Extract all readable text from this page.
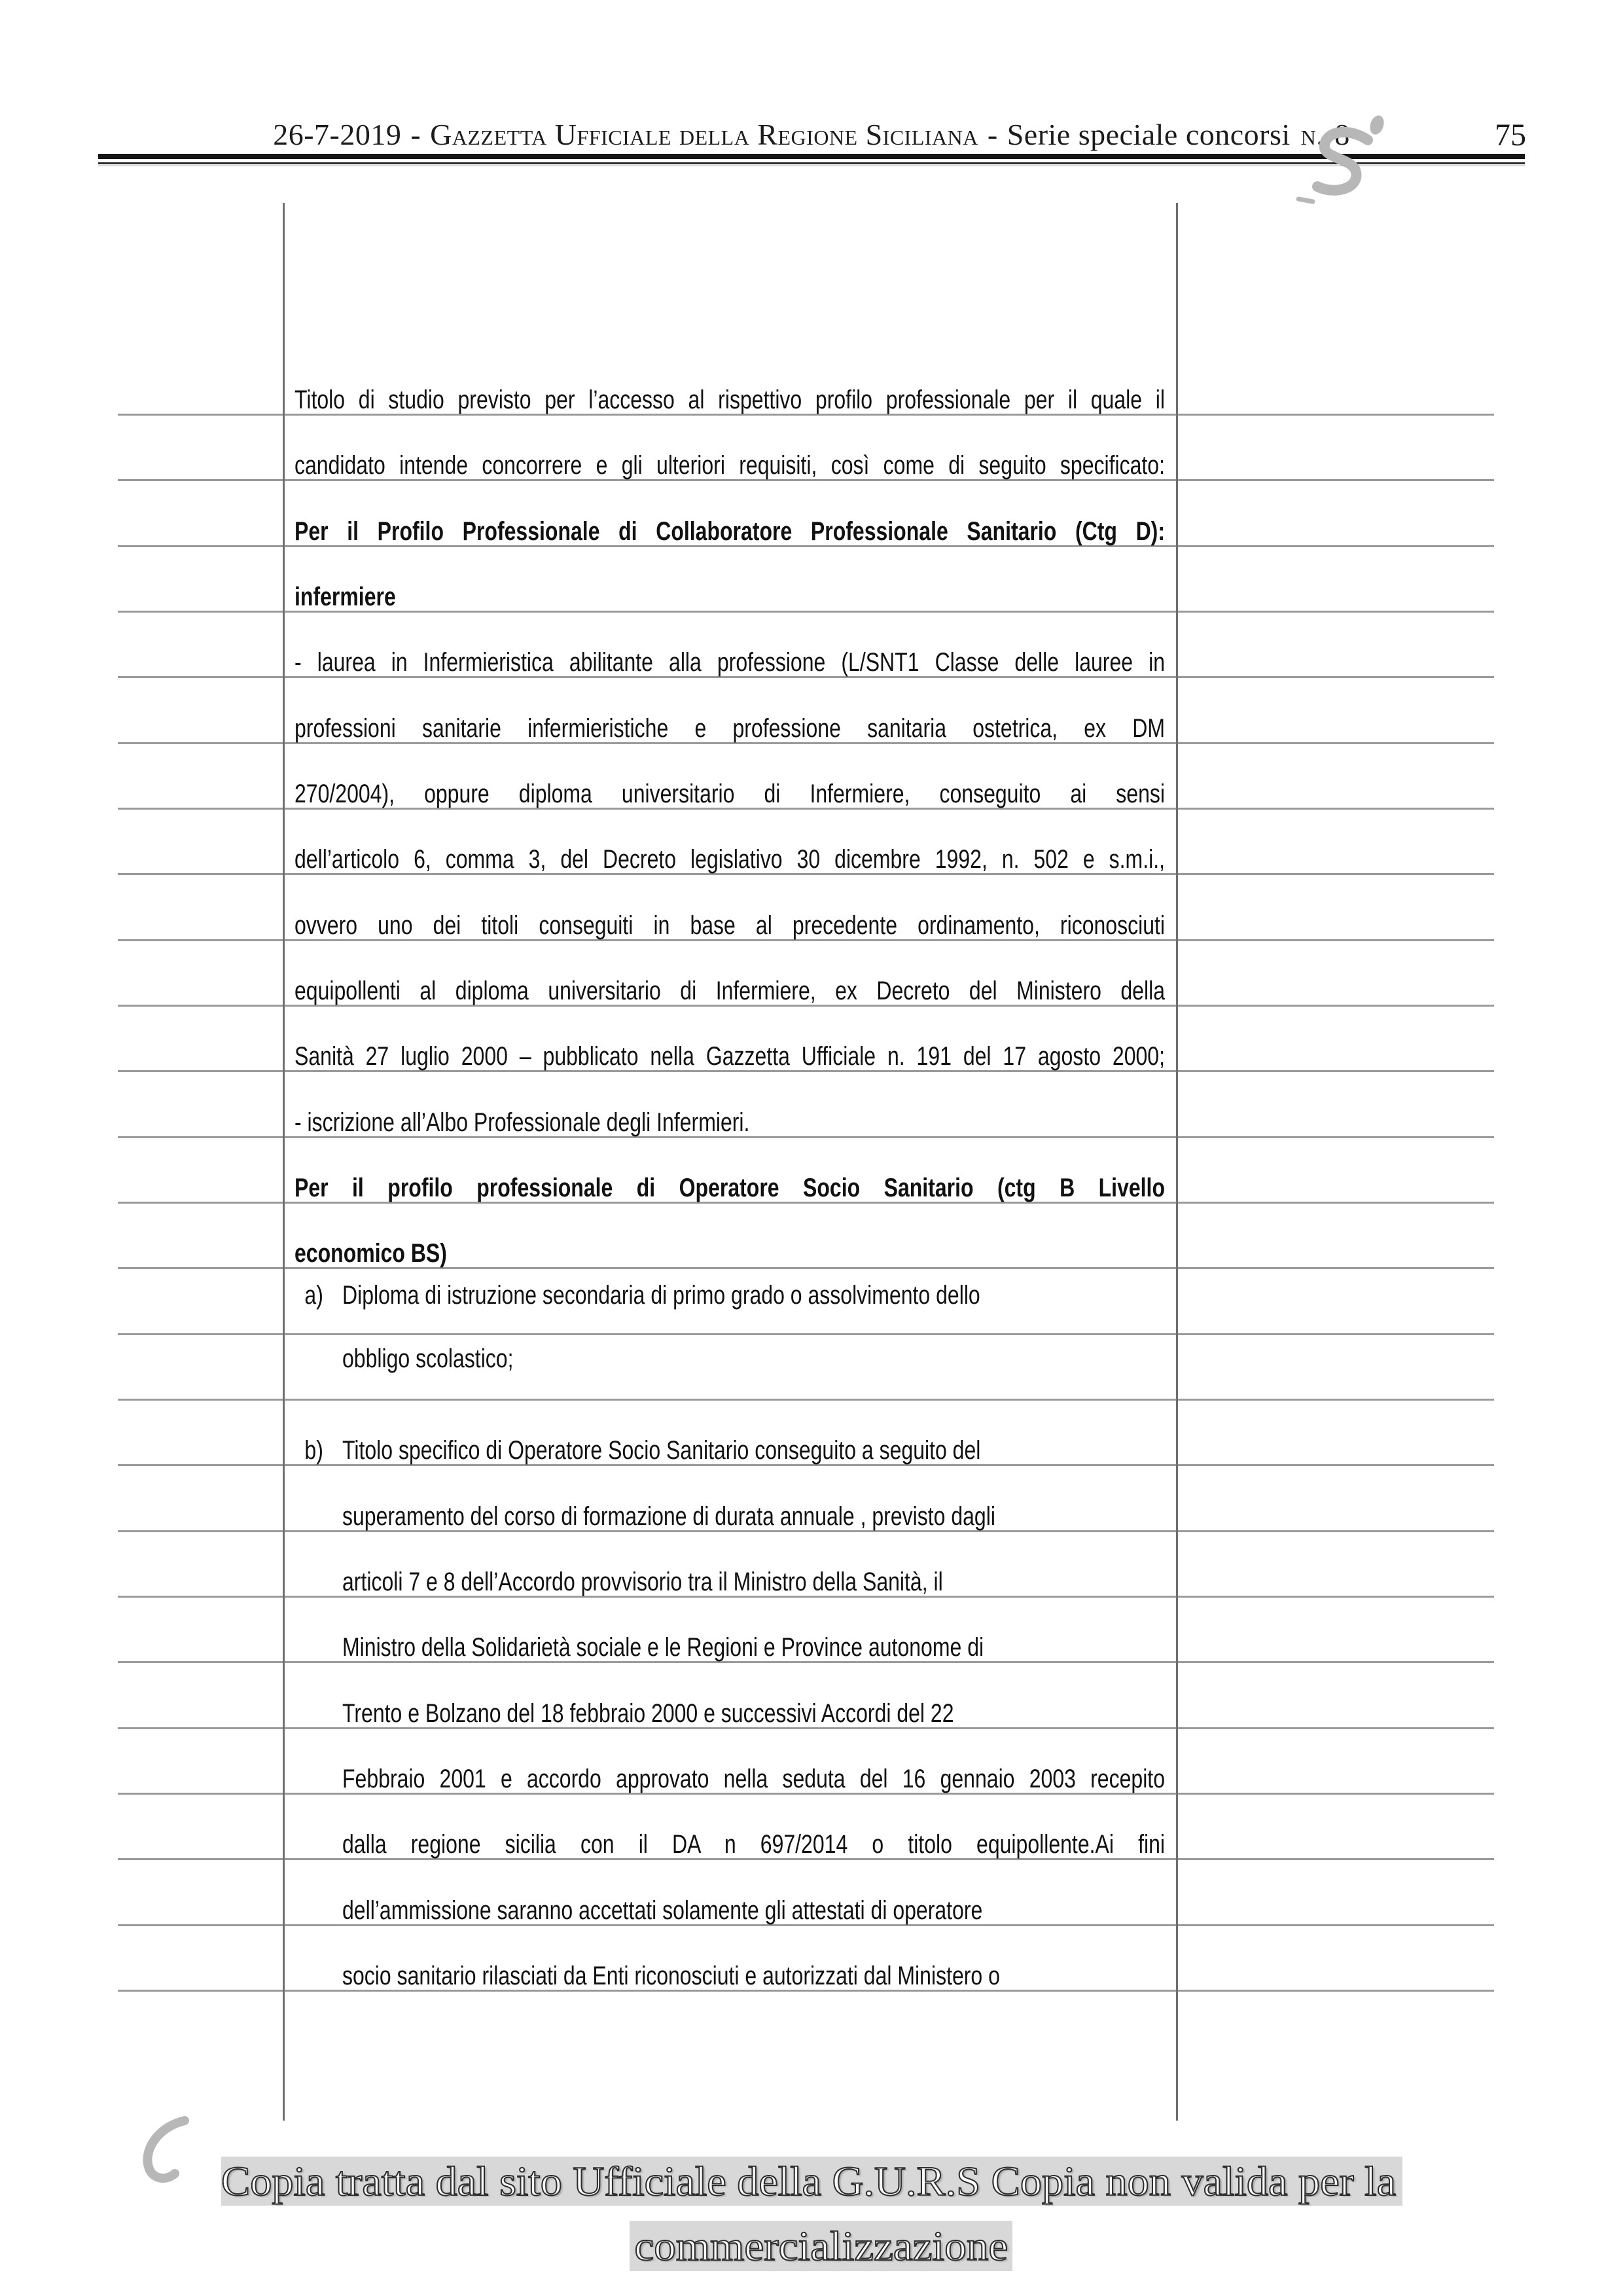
26-7-2019 - Gazzetta Ufficiale della Regione Siciliana - Serie speciale concorsi n. 8	75
Titolo di studio previsto per l’accesso al rispettivo profilo professionale per il quale il
candidato intende concorrere e gli ulteriori requisiti, così come di seguito specificato:
Per il Profilo Professionale di Collaboratore Professionale Sanitario (Ctg D):
infermiere
- laurea in Infermieristica abilitante alla professione (L/SNT1 Classe delle lauree in
professioni sanitarie infermieristiche e professione sanitaria ostetrica, ex DM
270/2004), oppure diploma universitario di Infermiere, conseguito ai sensi
dell’articolo 6, comma 3, del Decreto legislativo 30 dicembre 1992, n. 502 e s.m.i.,
ovvero uno dei titoli conseguiti in base al precedente ordinamento, riconosciuti
equipollenti al diploma universitario di Infermiere, ex Decreto del Ministero della
Sanità 27 luglio 2000 – pubblicato nella Gazzetta Ufficiale n. 191 del 17 agosto 2000;
- iscrizione all’Albo Professionale degli Infermieri.
Per il profilo professionale di Operatore Socio Sanitario (ctg B Livello
economico BS)
a) Diploma di istruzione secondaria di primo grado o assolvimento dello
obbligo scolastico;
b) Titolo specifico di Operatore Socio Sanitario conseguito a seguito del
superamento del corso di formazione di durata annuale , previsto dagli
articoli 7 e 8 dell’Accordo provvisorio tra il Ministro della Sanità, il
Ministro della Solidarietà sociale e le Regioni e Province autonome di
Trento e Bolzano del 18 febbraio 2000 e successivi Accordi del 22
Febbraio 2001 e accordo approvato nella seduta del 16 gennaio 2003 recepito
dalla regione sicilia con il DA n 697/2014 o titolo equipollente.Ai fini
dell’ammissione saranno accettati solamente gli attestati di operatore
socio sanitario rilasciati da Enti riconosciuti e autorizzati dal Ministero o
Copia tratta dal sito Ufficiale della G.U.R.S Copia non valida per la
commercializzazione
